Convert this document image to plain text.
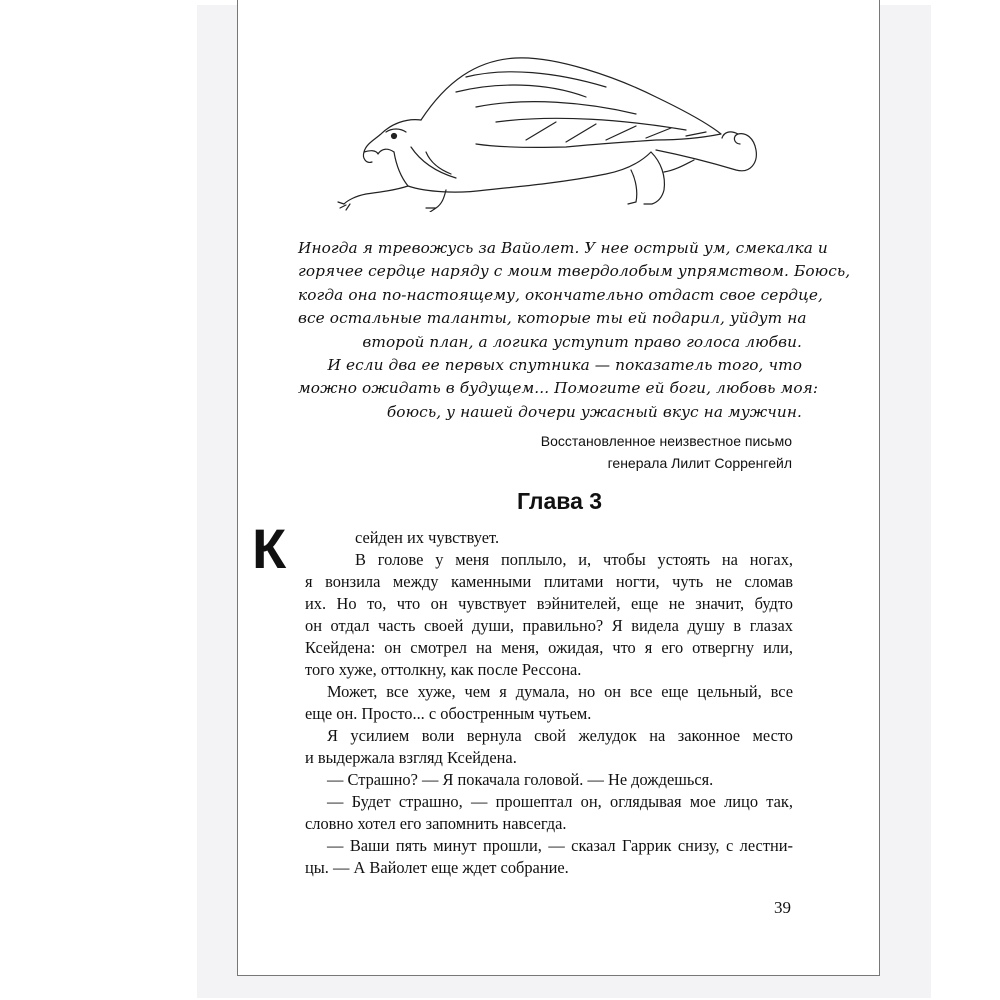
Иногда я тревожусь за Вайолет. У нее острый ум, смекалка и
горячее сердце наряду с моим твердолобым упрямством. Боюсь,
когда она по-настоящему, окончательно отдаст свое сердце,
все остальные таланты, которые ты ей подарил, уйдут на
второй план, а логика уступит право голоса любви.
И если два ее первых спутника — показатель того, что
можно ожидать в будущем... Помогите ей боги, любовь моя:
боюсь, у нашей дочери ужасный вкус на мужчин.
Восстановленное неизвестное письмо
генерала Лилит Сорренгейл
Глава 3
К	сейден их чувствует.
В голове у меня поплыло, и, чтобы устоять на ногах,
я вонзила между каменными плитами ногти, чуть не сломав
их. Но то, что он чувствует вэйнителей, еще не значит, будто
он отдал часть своей души, правильно? Я видела душу в глазах
Ксейдена: он смотрел на меня, ожидая, что я его отвергну или,
того хуже, оттолкну, как после Рессона.
Может, все хуже, чем я думала, но он все еще цельный, все
еще он. Просто... с обостренным чутьем.
Я усилием воли вернула свой желудок на законное место
и выдержала взгляд Ксейдена.
— Страшно? — Я покачала головой. — Не дождешься.
— Будет страшно, — прошептал он, оглядывая мое лицо так,
словно хотел его запомнить навсегда.
— Ваши пять минут прошли, — сказал Гаррик снизу, с лестни-
цы. — А Вайолет еще ждет собрание.
39
